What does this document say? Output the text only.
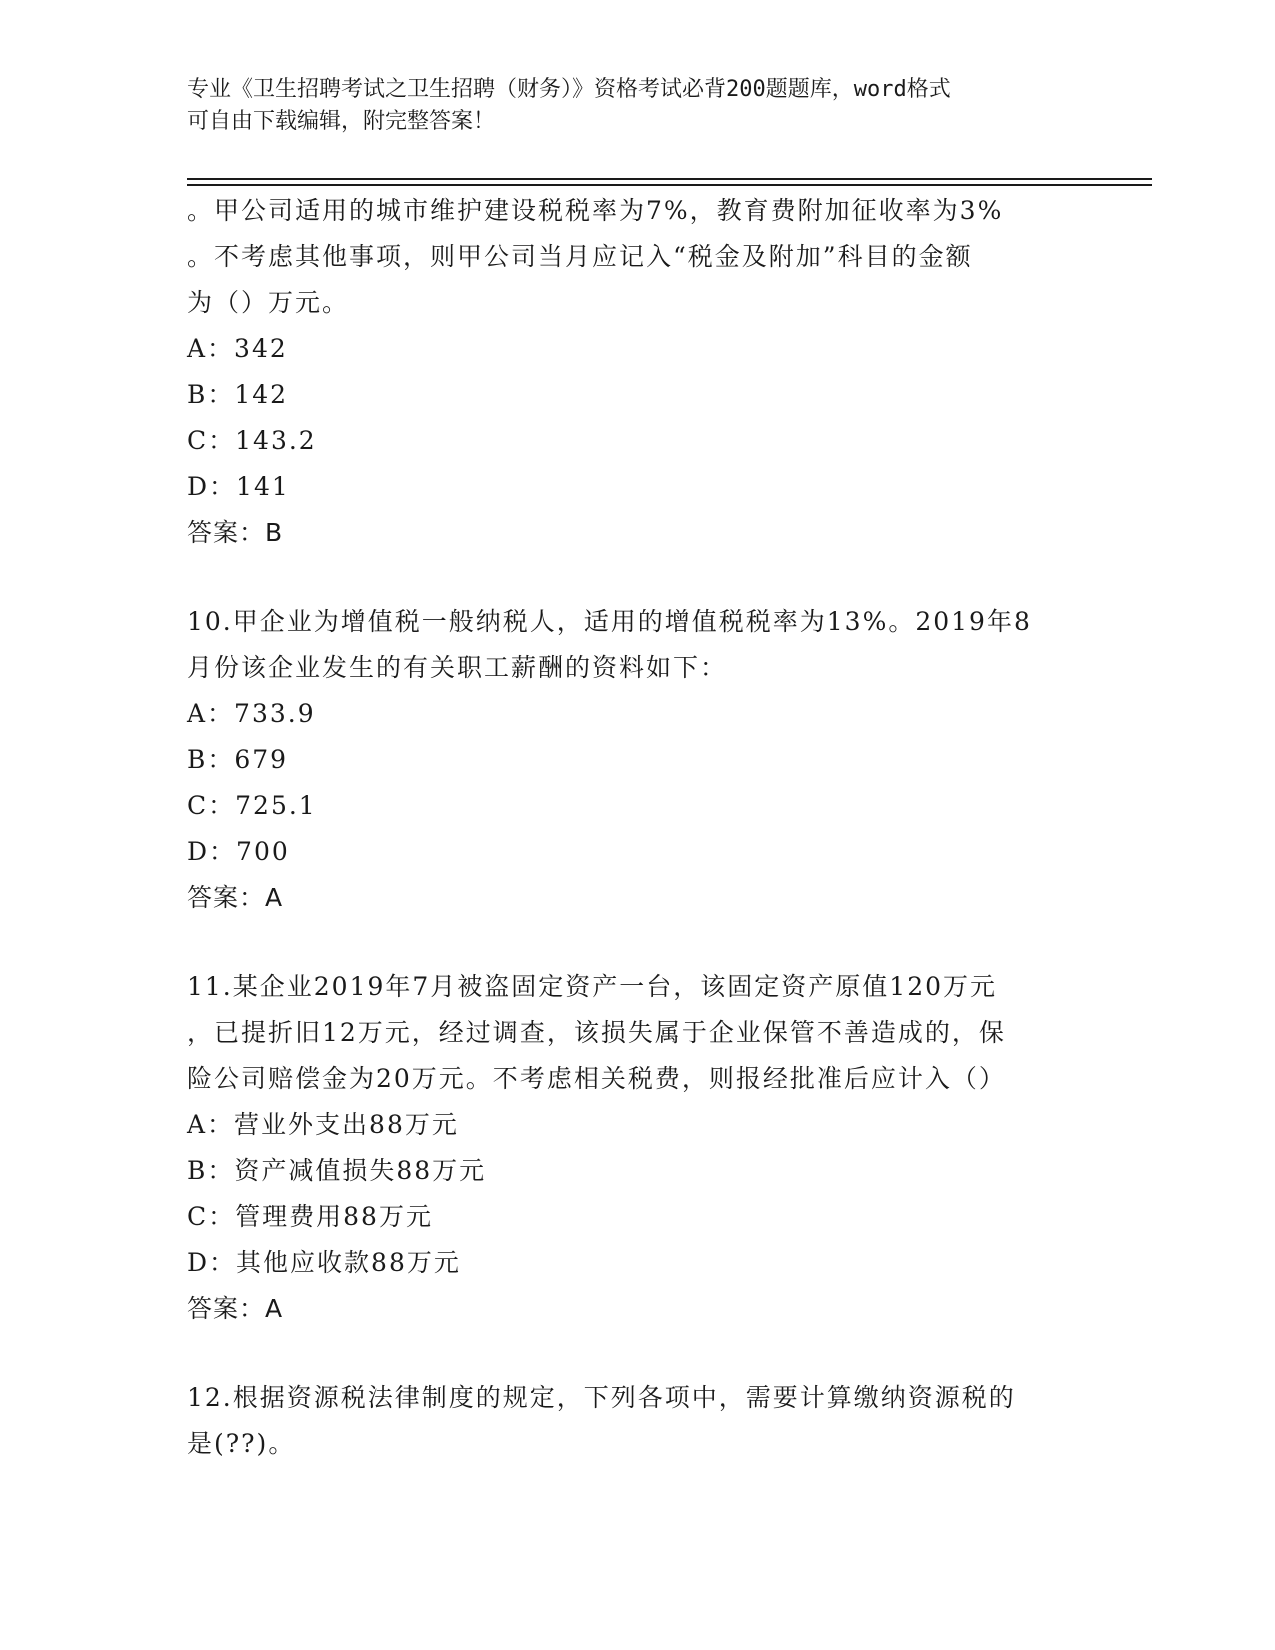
专业《卫生招聘考试之卫生招聘（财务）》资格考试必背200题题库，word格式
可自由下载编辑，附完整答案！
。甲公司适用的城市维护建设税税率为7%，教育费附加征收率为3%
。不考虑其他事项，则甲公司当月应记入“税金及附加”科目的金额
为（）万元。
A：342
B：142
C：143.2
D：141
答案：B
10.甲企业为增值税一般纳税人，适用的增值税税率为13%。2019年8
月份该企业发生的有关职工薪酬的资料如下：
A：733.9
B：679
C：725.1
D：700
答案：A
11.某企业2019年7月被盗固定资产一台，该固定资产原值120万元
，已提折旧12万元，经过调查，该损失属于企业保管不善造成的，保
险公司赔偿金为20万元。不考虑相关税费，则报经批准后应计入（）
A：营业外支出88万元
B：资产减值损失88万元
C：管理费用88万元
D：其他应收款88万元
答案：A
12.根据资源税法律制度的规定，下列各项中，需要计算缴纳资源税的
是(??)。
